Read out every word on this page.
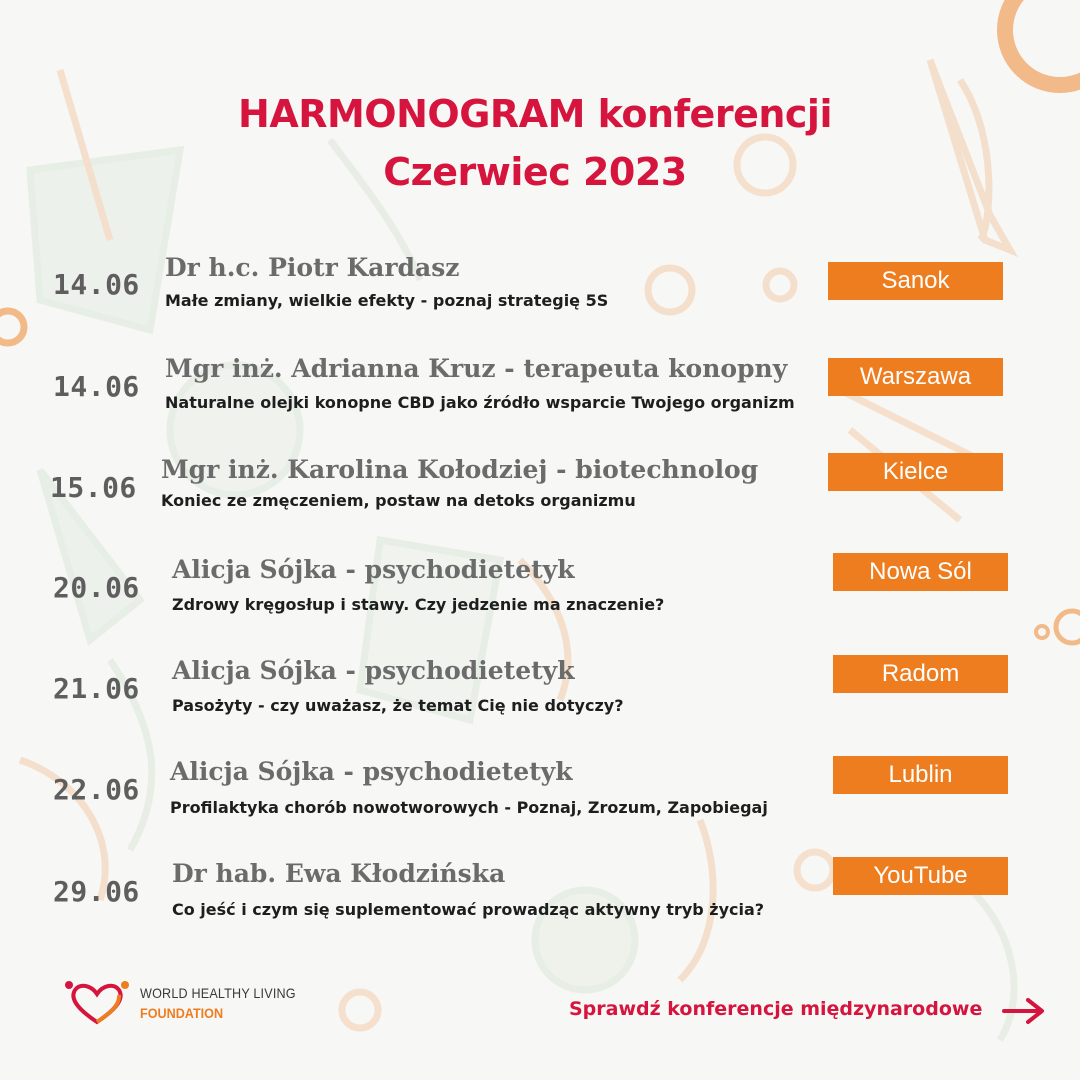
HARMONOGRAM konferencji
Czerwiec 2023
14.06
Dr h.c. Piotr Kardasz
Małe zmiany, wielkie efekty - poznaj strategię 5S
Sanok
14.06
Mgr inż. Adrianna Kruz - terapeuta konopny
Naturalne olejki konopne CBD jako źródło wsparcie Twojego organizm
Warszawa
15.06
Mgr inż. Karolina Kołodziej - biotechnolog
Koniec ze zmęczeniem, postaw na detoks organizmu
Kielce
20.06
Alicja Sójka - psychodietetyk
Zdrowy kręgosłup i stawy. Czy jedzenie ma znaczenie?
Nowa Sól
21.06
Alicja Sójka - psychodietetyk
Pasożyty - czy uważasz, że temat Cię nie dotyczy?
Radom
22.06
Alicja Sójka - psychodietetyk
Profilaktyka chorób nowotworowych - Poznaj, Zrozum, Zapobiegaj
Lublin
29.06
Dr hab. Ewa Kłodzińska
Co jeść i czym się suplementować prowadząc aktywny tryb życia?
YouTube
WORLD HEALTHY LIVING
FOUNDATION	Sprawdź konferencje międzynarodowe
